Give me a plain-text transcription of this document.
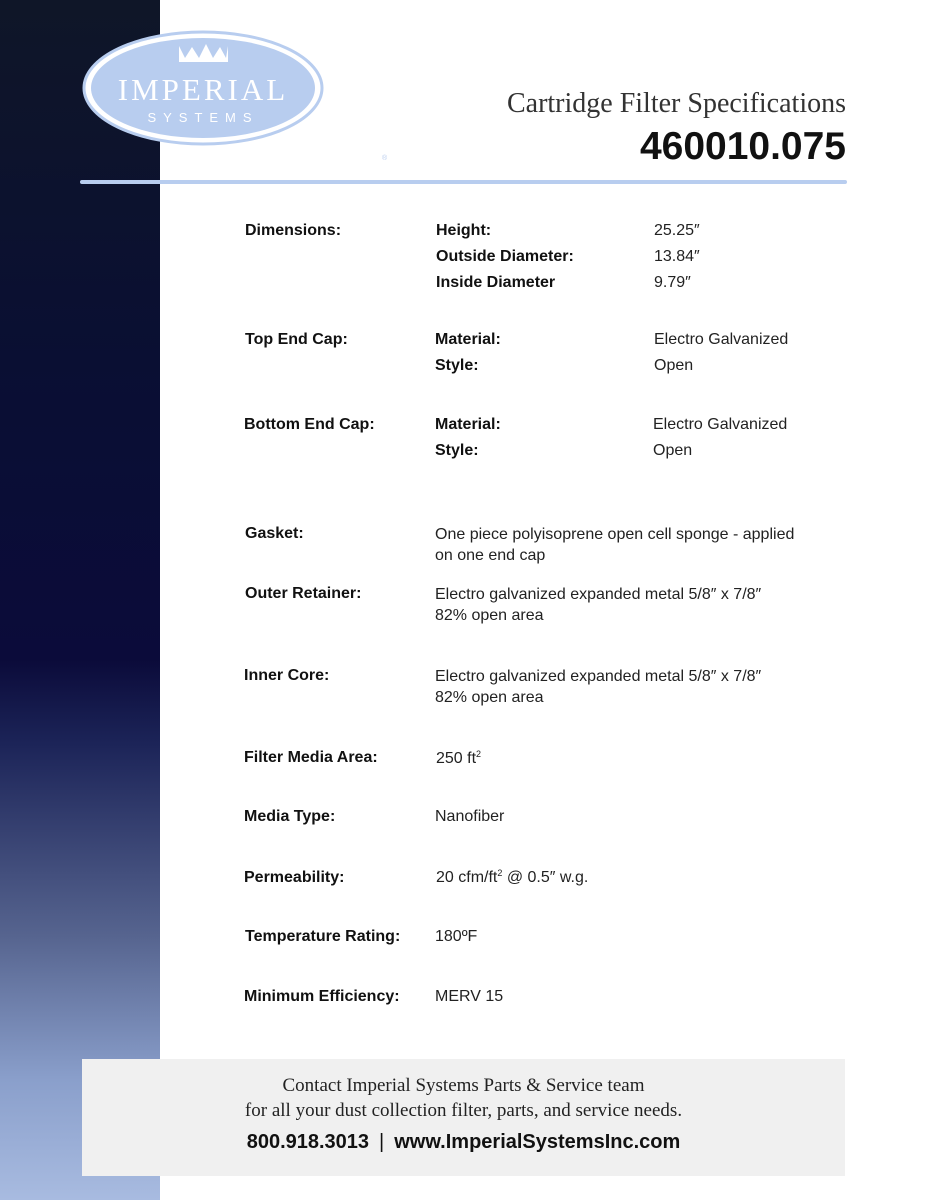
IMPERIAL
SYSTEMS
®
Cartridge Filter Specifications
460010.075
Dimensions:	Height:	25.25″
Outside Diameter:	13.84″
Inside Diameter	9.79″
Top End Cap:	Material:	Electro Galvanized
Style:	Open
Bottom End Cap:	Material:	Electro Galvanized
Style:	Open
Gasket:	One piece polyisoprene open cell sponge - applied
on one end cap
Outer Retainer:	Electro galvanized expanded metal 5/8″ x 7/8″
82% open area
Inner Core:	Electro galvanized expanded metal 5/8″ x 7/8″
82% open area
Filter Media Area:	250 $ft^2$
Media Type:	Nanofiber
Permeability:	20 cfm/$ft^2$ @ 0.5″ w.g.
Temperature Rating: 180ºF
Minimum Efficiency: MERV 15
Contact Imperial Systems Parts & Service team
for all your dust collection filter, parts, and service needs.
800.918.3013 | www.ImperialSystemsInc.com
